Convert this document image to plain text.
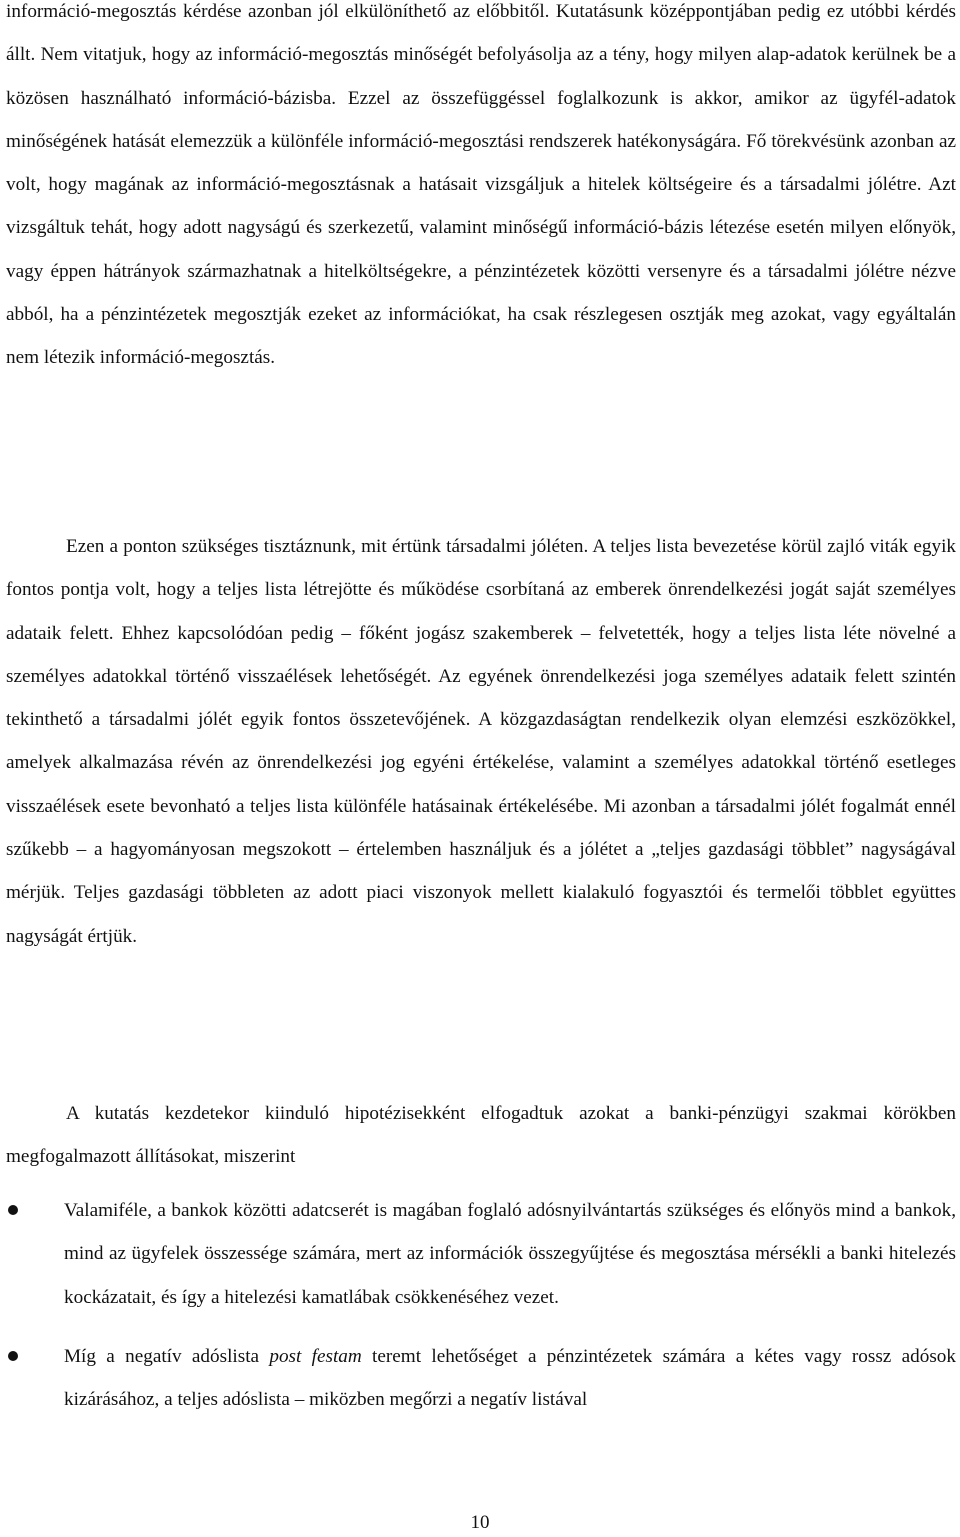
információ-megosztás kérdése azonban jól elkülöníthető az előbbitől. Kutatásunk középpontjában pedig ez utóbbi kérdés állt. Nem vitatjuk, hogy az információ-megosztás minőségét befolyásolja az a tény, hogy milyen alap-adatok kerülnek be a közösen használható információ-bázisba. Ezzel az összefüggéssel foglalkozunk is akkor, amikor az ügyfél-adatok minőségének hatását elemezzük a különféle információ-megosztási rendszerek hatékonyságára. Fő törekvésünk azonban az volt, hogy magának az információ-megosztásnak a hatásait vizsgáljuk a hitelek költségeire és a társadalmi jólétre. Azt vizsgáltuk tehát, hogy adott nagyságú és szerkezetű, valamint minőségű információ-bázis létezése esetén milyen előnyök, vagy éppen hátrányok származhatnak a hitelköltségekre, a pénzintézetek közötti versenyre és a társadalmi jólétre nézve abból, ha a pénzintézetek megosztják ezeket az információkat, ha csak részlegesen osztják meg azokat, vagy egyáltalán nem létezik információ-megosztás.

Ezen a ponton szükséges tisztáznunk, mit értünk társadalmi jóléten. A teljes lista bevezetése körül zajló viták egyik fontos pontja volt, hogy a teljes lista létrejötte és működése csorbítaná az emberek önrendelkezési jogát saját személyes adataik felett. Ehhez kapcsolódóan pedig – főként jogász szakemberek – felvetették, hogy a teljes lista léte növelné a személyes adatokkal történő visszaélések lehetőségét. Az egyének önrendelkezési joga személyes adataik felett szintén tekinthető a társadalmi jólét egyik fontos összetevőjének. A közgazdaságtan rendelkezik olyan elemzési eszközökkel, amelyek alkalmazása révén az önrendelkezési jog egyéni értékelése, valamint a személyes adatokkal történő esetleges visszaélések esete bevonható a teljes lista különféle hatásainak értékelésébe. Mi azonban a társadalmi jólét fogalmát ennél szűkebb – a hagyományosan megszokott – értelemben használjuk és a jólétet a „teljes gazdasági többlet” nagyságával mérjük. Teljes gazdasági többleten az adott piaci viszonyok mellett kialakuló fogyasztói és termelői többlet együttes nagyságát értjük.

A kutatás kezdetekor kiinduló hipotézisekként elfogadtuk azokat a banki-pénzügyi szakmai körökben megfogalmazott állításokat, miszerint

Valamiféle, a bankok közötti adatcserét is magában foglaló adósnyilvántartás szükséges és előnyös mind a bankok, mind az ügyfelek összessége számára, mert az információk összegyűjtése és megosztása mérsékli a banki hitelezés kockázatait, és így a hitelezési kamatlábak csökkenéséhez vezet.
Míg a negatív adóslista post festam teremt lehetőséget a pénzintézetek számára a kétes vagy rossz adósok kizárásához, a teljes adóslista – miközben megőrzi a negatív listával
10
